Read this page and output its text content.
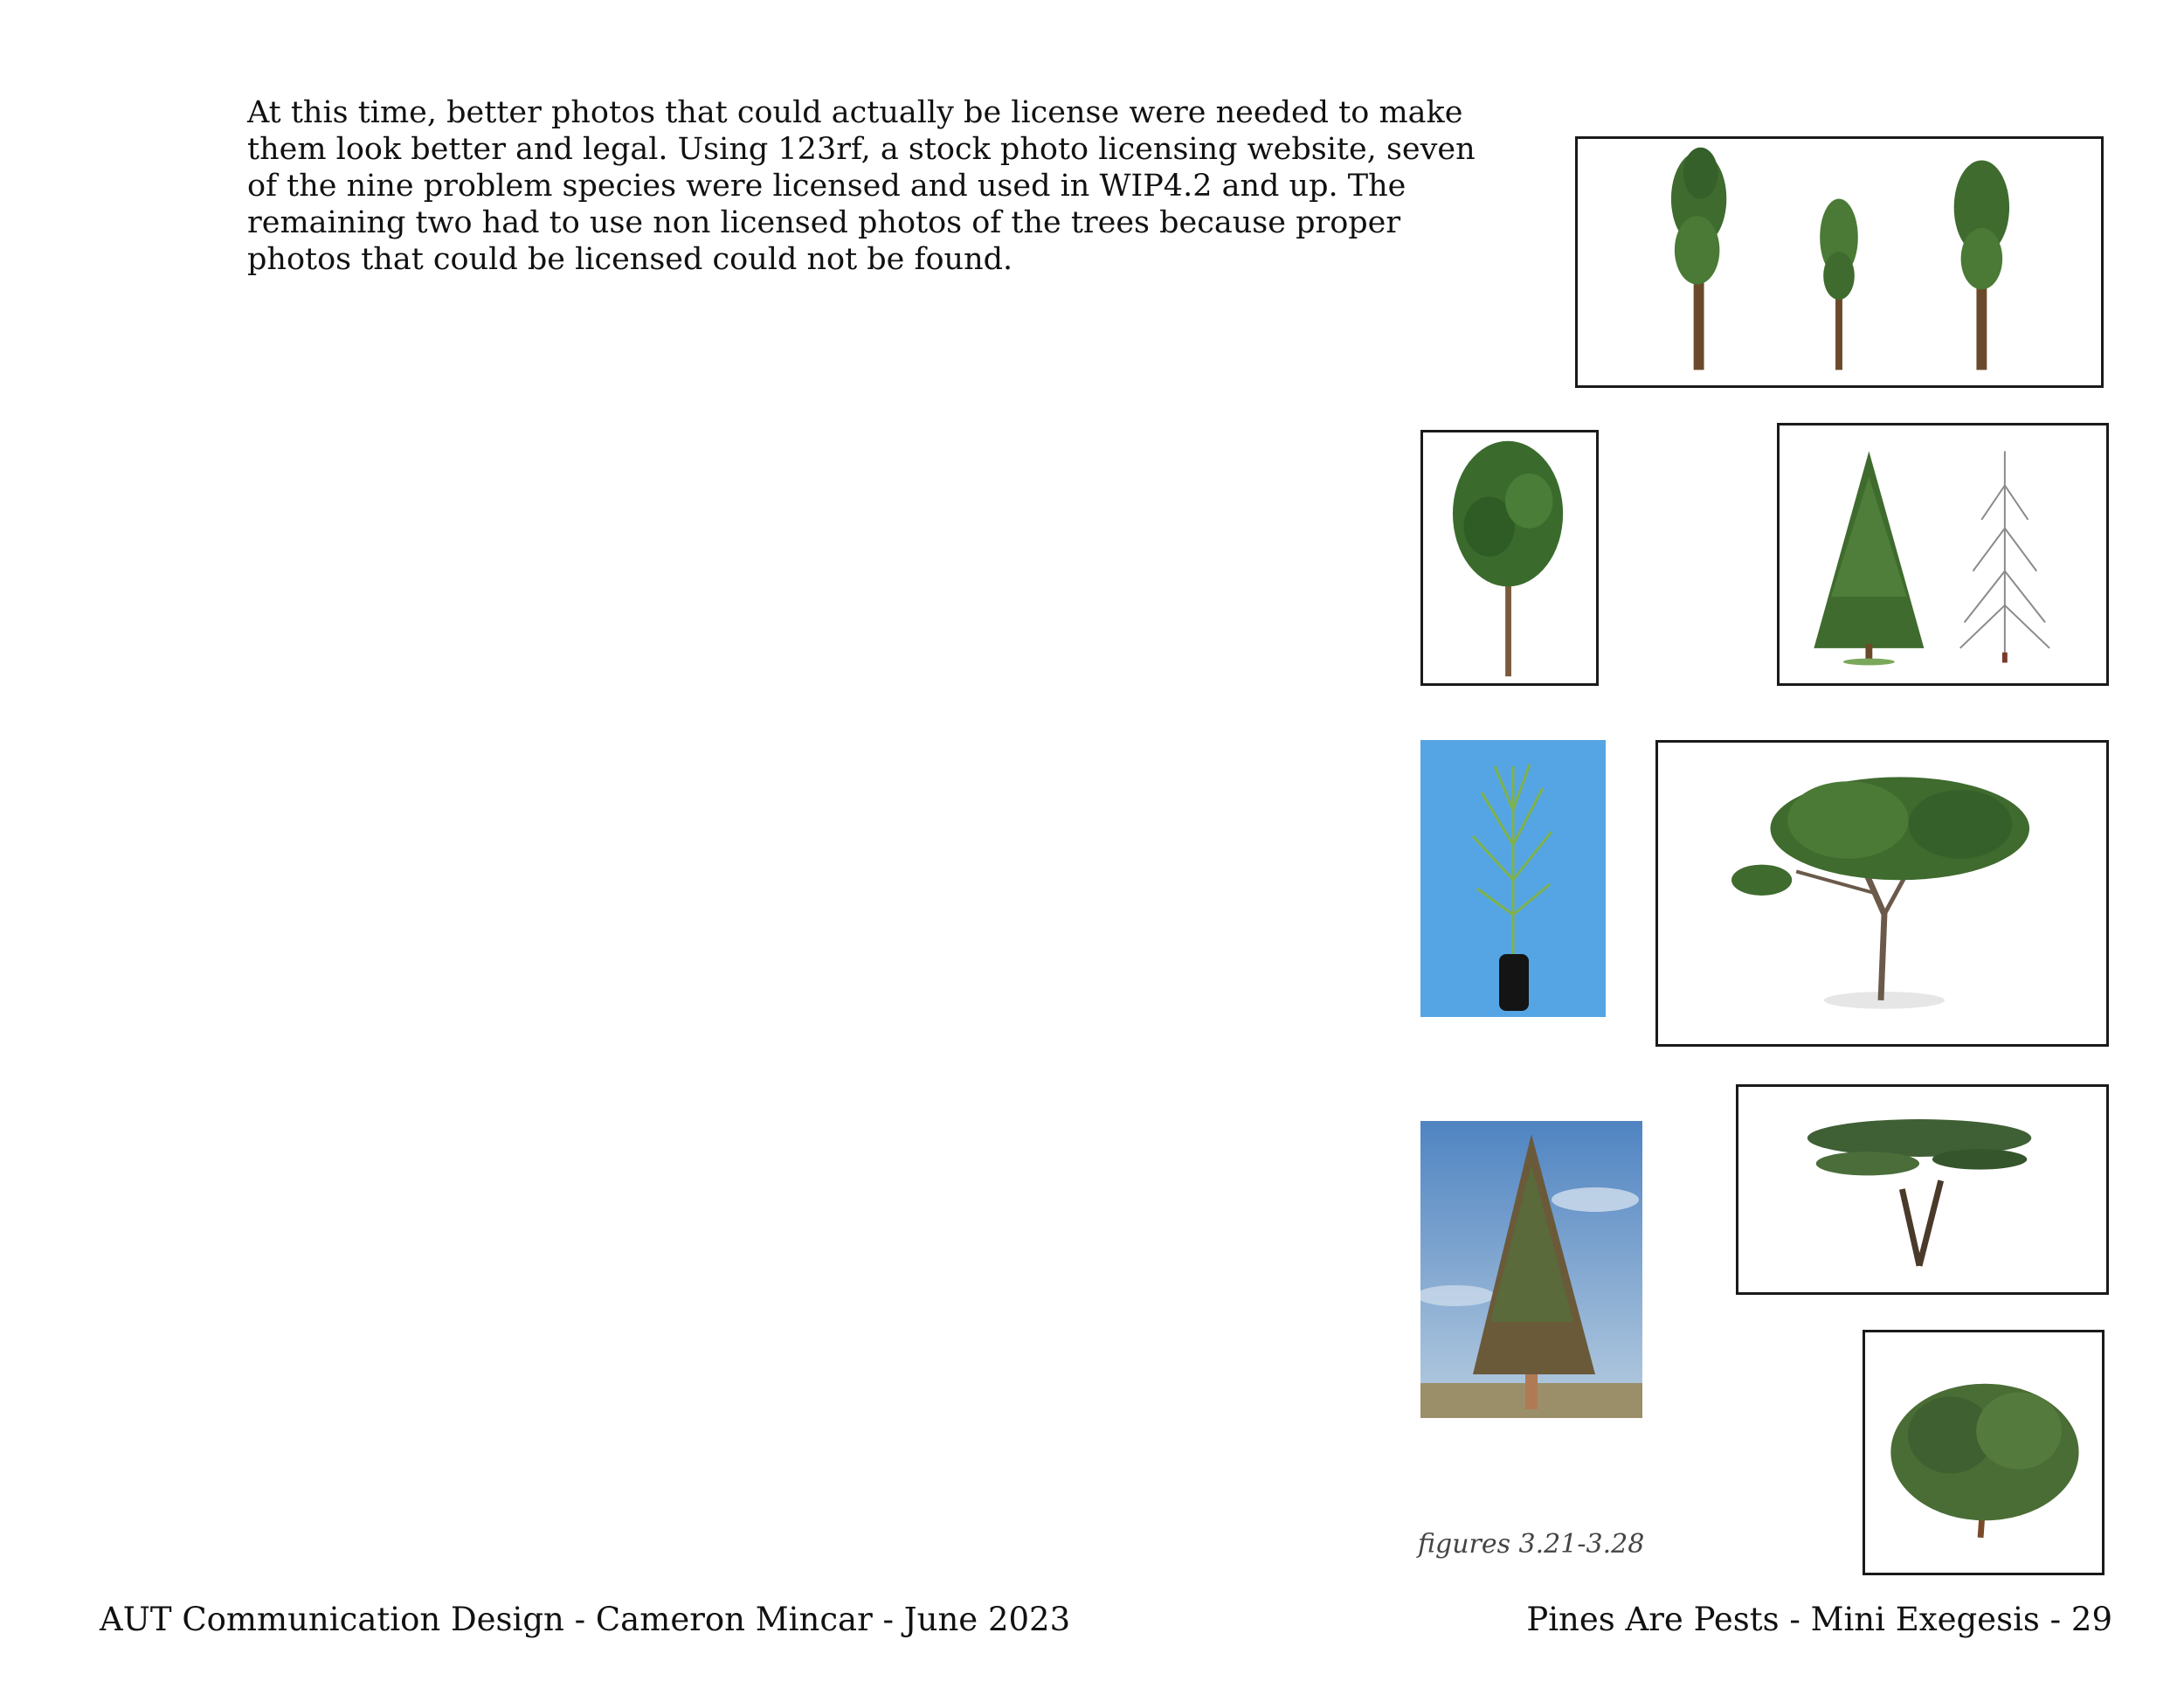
At this time, better photos that could actually be license were needed to make them look better and legal. Using 123rf, a stock photo licensing website, seven of the nine problem species were licensed and used in WIP4.2 and up. The remaining two had to use non licensed photos of the trees because proper photos that could be licensed could not be found.

figures 3.21-3.28
AUT Communication Design - Cameron Mincar - June 2023	Pines Are Pests - Mini Exegesis - 29
